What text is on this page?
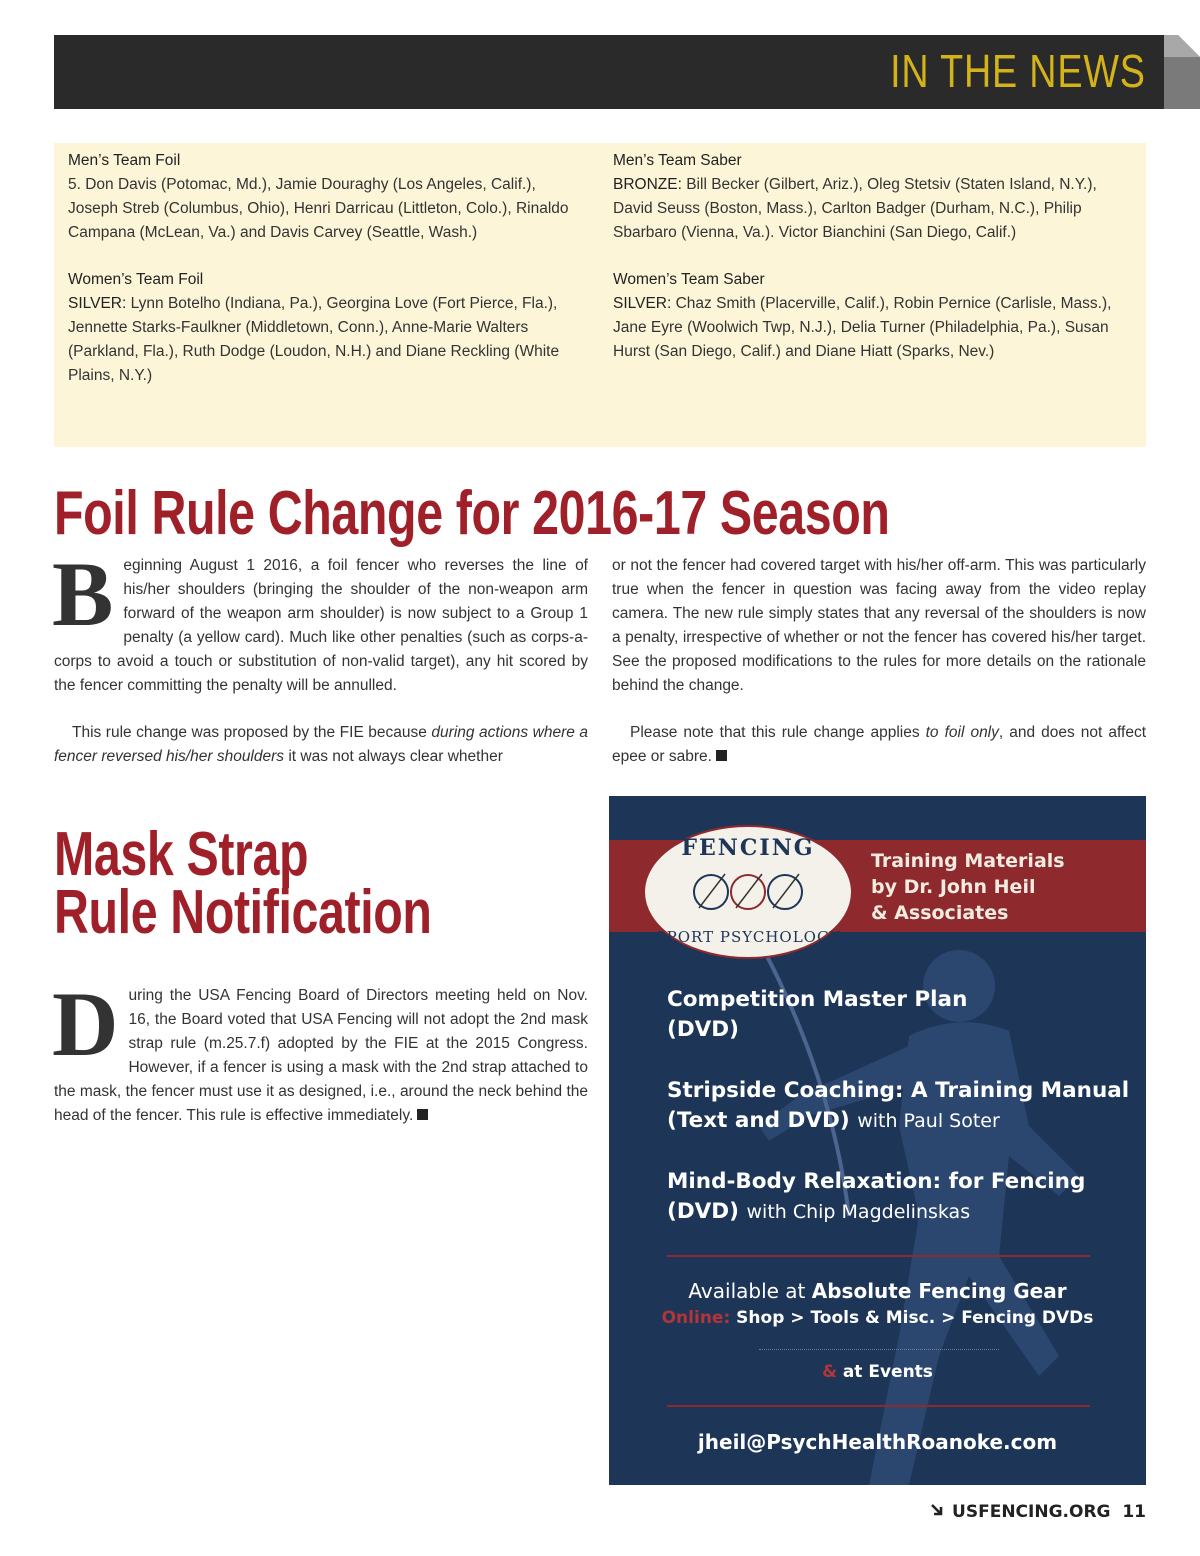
IN THE NEWS
Men’s Team Foil
5. Don Davis (Potomac, Md.), Jamie Douraghy (Los Angeles, Calif.), Joseph Streb (Columbus, Ohio), Henri Darricau (Littleton, Colo.), Rinaldo Campana (McLean, Va.) and Davis Carvey (Seattle, Wash.)
Men’s Team Saber
BRONZE: Bill Becker (Gilbert, Ariz.), Oleg Stetsiv (Staten Island, N.Y.), David Seuss (Boston, Mass.), Carlton Badger (Durham, N.C.), Philip Sbarbaro (Vienna, Va.). Victor Bianchini (San Diego, Calif.)
Women’s Team Foil
SILVER: Lynn Botelho (Indiana, Pa.), Georgina Love (Fort Pierce, Fla.), Jennette Starks-Faulkner (Middletown, Conn.), Anne-Marie Walters (Parkland, Fla.), Ruth Dodge (Loudon, N.H.) and Diane Reckling (White Plains, N.Y.)
Women’s Team Saber
SILVER: Chaz Smith (Placerville, Calif.), Robin Pernice (Carlisle, Mass.), Jane Eyre (Woolwich Twp, N.J.), Delia Turner (Philadelphia, Pa.), Susan Hurst (San Diego, Calif.) and Diane Hiatt (Sparks, Nev.)
Foil Rule Change for 2016-17 Season

Beginning August 1 2016, a foil fencer who reverses the line of his/her shoulders (bringing the shoulder of the non-weapon arm forward of the weapon arm shoulder) is now subject to a Group 1 penalty (a yellow card). Much like other penalties (such as corps-a-corps to avoid a touch or substitution of non-valid target), any hit scored by the fencer committing the penalty will be annulled.

This rule change was proposed by the FIE because during actions where a fencer reversed his/her shoulders it was not always clear whether

or not the fencer had covered target with his/her off-arm. This was particularly true when the fencer in question was facing away from the video replay camera. The new rule simply states that any reversal of the shoulders is now a penalty, irrespective of whether or not the fencer has covered his/her target. See the proposed modifications to the rules for more details on the rationale behind the change.

Please note that this rule change applies to foil only, and does not affect epee or sabre.

Mask Strap
Rule Notification

During the USA Fencing Board of Directors meeting held on Nov. 16, the Board voted that USA Fencing will not adopt the 2nd mask strap rule (m.25.7.f) adopted by the FIE at the 2015 Congress. However, if a fencer is using a mask with the 2nd strap attached to the mask, the fencer must use it as designed, i.e., around the neck behind the head of the fencer. This rule is effective immediately.

FENCING
SPORT PSYCHOLOGY
Training Materials
by Dr. John Heil
& Associates
Competition Master Plan
(DVD)
Stripside Coaching: A Training Manual
(Text and DVD) with Paul Soter
Mind-Body Relaxation: for Fencing
(DVD) with Chip Magdelinskas
Available at Absolute Fencing Gear
Online: Shop > Tools & Misc. > Fencing DVDs
& at Events
jheil@PsychHealthRoanoke.com
USFENCING.ORG 11
